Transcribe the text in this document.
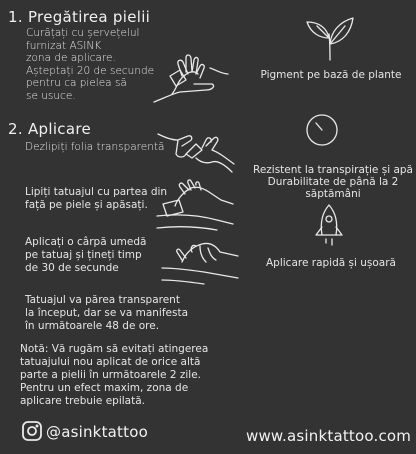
1. Pregătirea pielii
Curățați cu șervețelul
furnizat ASINK
zona de aplicare.
Așteptați 20 de secunde
pentru ca pielea să
se usuce.
2. Aplicare
Dezlipiți folia transparentă
Lipiți tatuajul cu partea din
față pe piele și apăsați.
Aplicați o cârpă umedă
pe tatuaj și țineți timp
de 30 de secunde
Tatuajul va părea transparent
la început, dar se va manifesta
în următoarele 48 de ore.
Notă: Vă rugăm să evitați atingerea
tatuajului nou aplicat de orice altă
parte a pielii în următoarele 2 zile.
Pentru un efect maxim, zona de
aplicare trebuie epilată.
Pigment pe bază de plante
Rezistent la transpirație și apă
Durabilitate de până la 2 săptămâni
Aplicare rapidă și ușoară
@asinktattoo	www.asinktattoo.com
